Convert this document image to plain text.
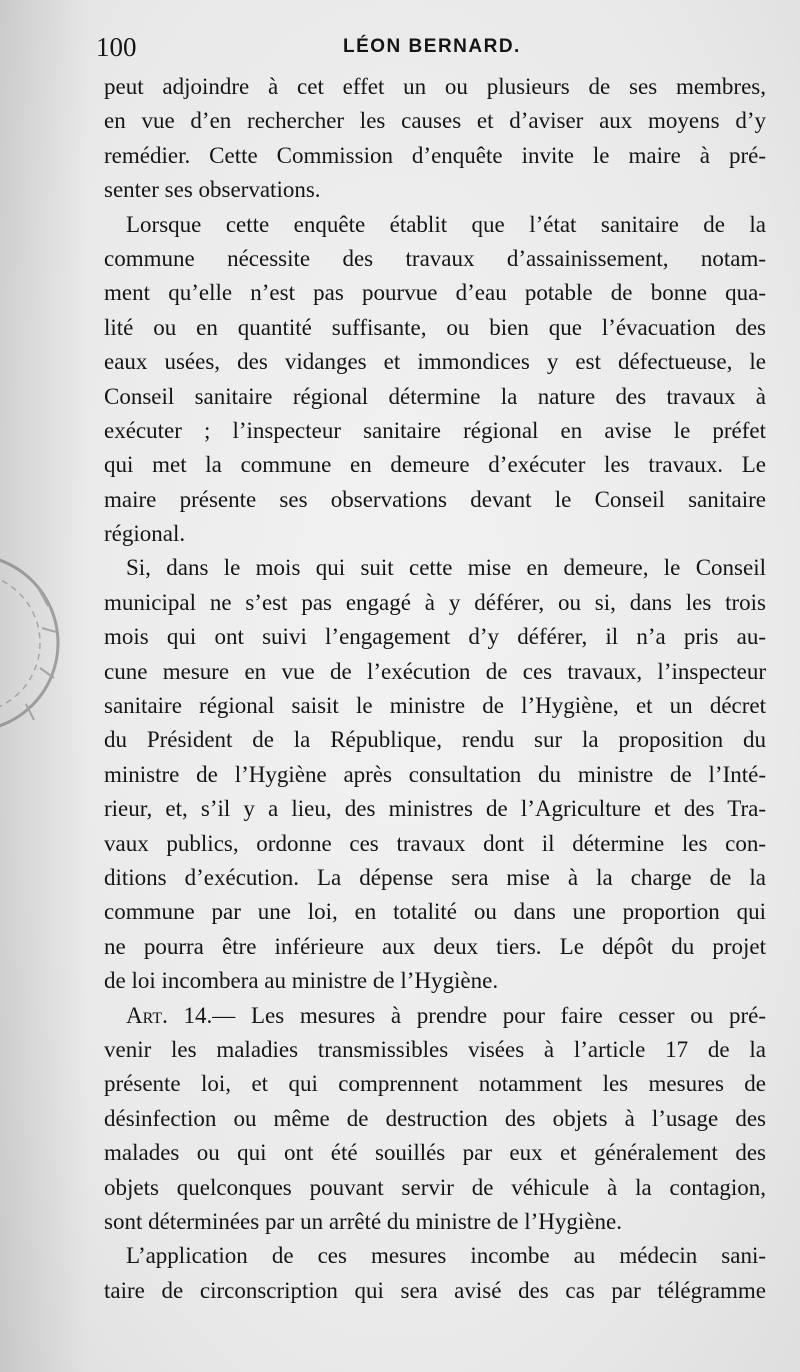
100	LÉON BERNARD.
peut adjoindre à cet effet un ou plusieurs de ses membres,
en vue d’en rechercher les causes et d’aviser aux moyens d’y
remédier. Cette Commission d’enquête invite le maire à pré-
senter ses observations.
Lorsque cette enquête établit que l’état sanitaire de la
commune nécessite des travaux d’assainissement, notam-
ment qu’elle n’est pas pourvue d’eau potable de bonne qua-
lité ou en quantité suffisante, ou bien que l’évacuation des
eaux usées, des vidanges et immondices y est défectueuse, le
Conseil sanitaire régional détermine la nature des travaux à
exécuter ; l’inspecteur sanitaire régional en avise le préfet
qui met la commune en demeure d’exécuter les travaux. Le
maire présente ses observations devant le Conseil sanitaire
régional.
Si, dans le mois qui suit cette mise en demeure, le Conseil
municipal ne s’est pas engagé à y déférer, ou si, dans les trois
mois qui ont suivi l’engagement d’y déférer, il n’a pris au-
cune mesure en vue de l’exécution de ces travaux, l’inspecteur
sanitaire régional saisit le ministre de l’Hygiène, et un décret
du Président de la République, rendu sur la proposition du
ministre de l’Hygiène après consultation du ministre de l’Inté-
rieur, et, s’il y a lieu, des ministres de l’Agriculture et des Tra-
vaux publics, ordonne ces travaux dont il détermine les con-
ditions d’exécution. La dépense sera mise à la charge de la
commune par une loi, en totalité ou dans une proportion qui
ne pourra être inférieure aux deux tiers. Le dépôt du projet
de loi incombera au ministre de l’Hygiène.
Art. 14.— Les mesures à prendre pour faire cesser ou pré-
venir les maladies transmissibles visées à l’article 17 de la
présente loi, et qui comprennent notamment les mesures de
désinfection ou même de destruction des objets à l’usage des
malades ou qui ont été souillés par eux et généralement des
objets quelconques pouvant servir de véhicule à la contagion,
sont déterminées par un arrêté du ministre de l’Hygiène.
L’application de ces mesures incombe au médecin sani-
taire de circonscription qui sera avisé des cas par télégramme
